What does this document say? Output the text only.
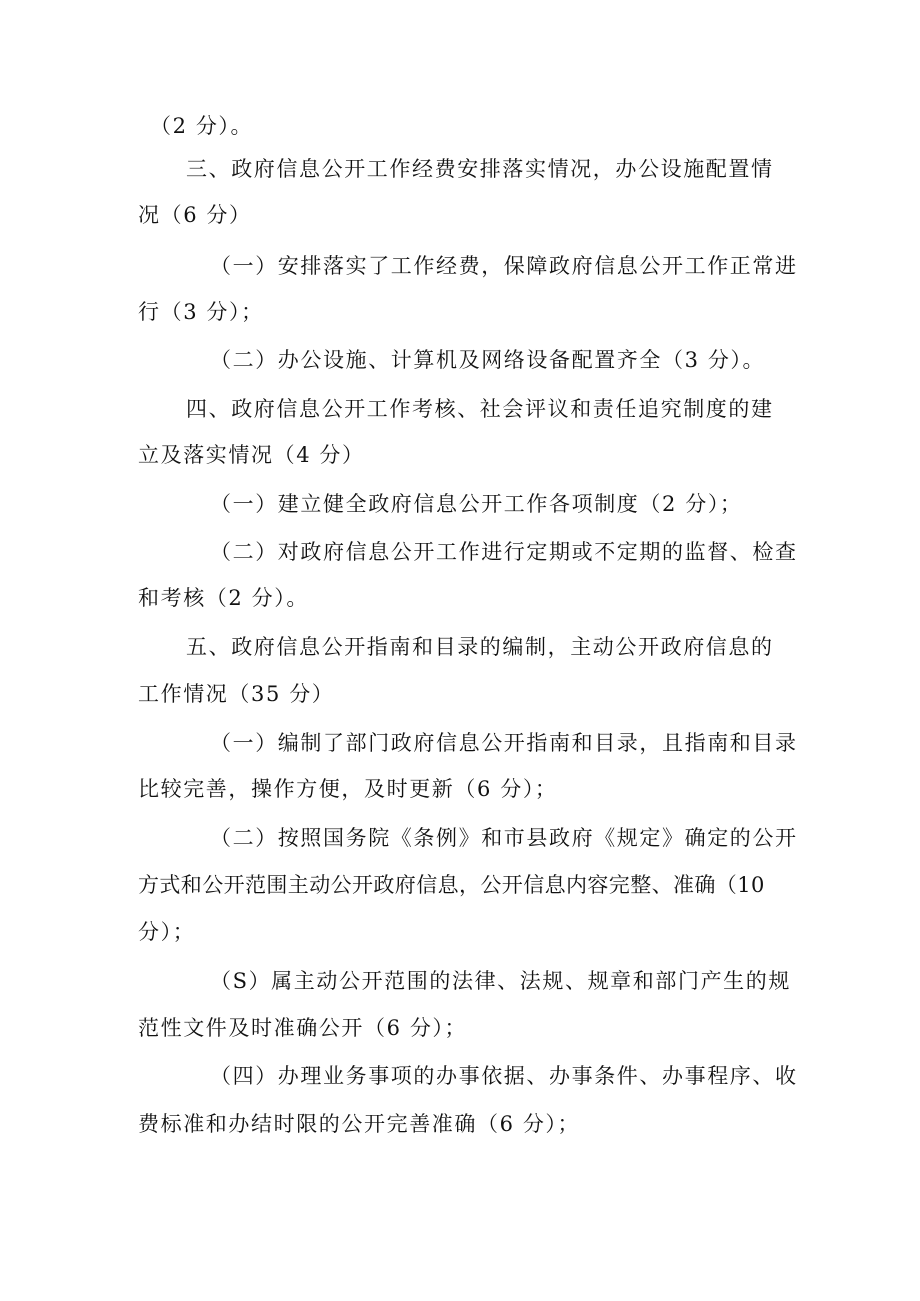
（2 分）。
三、政府信息公开工作经费安排落实情况，办公设施配置情
况（6 分）
（一）安排落实了工作经费，保障政府信息公开工作正常进
行（3 分）；
（二）办公设施、计算机及网络设备配置齐全（3 分）。
四、政府信息公开工作考核、社会评议和责任追究制度的建
立及落实情况（4 分）
（一）建立健全政府信息公开工作各项制度（2 分）；
（二）对政府信息公开工作进行定期或不定期的监督、检查
和考核（2 分）。
五、政府信息公开指南和目录的编制，主动公开政府信息的
工作情况（35 分）
（一）编制了部门政府信息公开指南和目录，且指南和目录
比较完善，操作方便，及时更新（6 分）；
（二）按照国务院《条例》和市县政府《规定》确定的公开
方式和公开范围主动公开政府信息，公开信息内容完整、准确（10
分）；
（S）属主动公开范围的法律、法规、规章和部门产生的规
范性文件及时准确公开（6 分）；
（四）办理业务事项的办事依据、办事条件、办事程序、收
费标准和办结时限的公开完善准确（6 分）；
